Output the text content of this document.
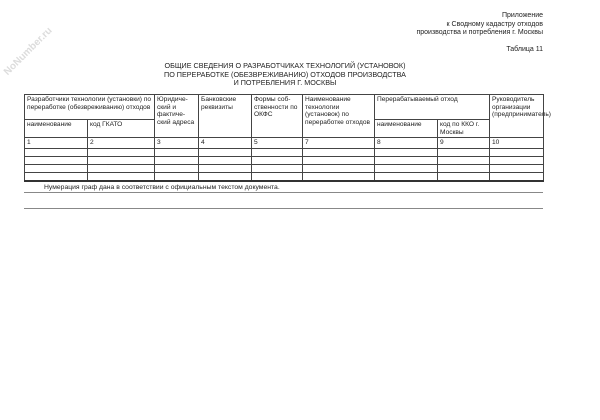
NoNumber.ru
Приложение
к Сводному кадастру отходов
производства и потребления г. Москвы
Таблица 11
ОБЩИЕ СВЕДЕНИЯ О РАЗРАБОТЧИКАХ ТЕХНОЛОГИЙ (УСТАНОВОК)
ПО ПЕРЕРАБОТКЕ (ОБЕЗВРЕЖИВАНИЮ) ОТХОДОВ ПРОИЗВОДСТВА
И ПОТРЕБЛЕНИЯ Г. МОСКВЫ
Разработчики технологии (установки) по переработке (обезвреживанию) отходов		Юридиче-ский и фактиче-ский адреса	Банковские реквизиты	Формы соб-ственности по ОКФС	Наименование технологии (установок) по переработке отходов	Перерабатываемый отход		Руководитель организации (предприниматель)
наименование	код ГКАТО					наименование	код по ККО г. Москвы	
1	2	3	4	5	7	8	9	10

Нумерация граф дана в соответствии с официальным текстом документа.
